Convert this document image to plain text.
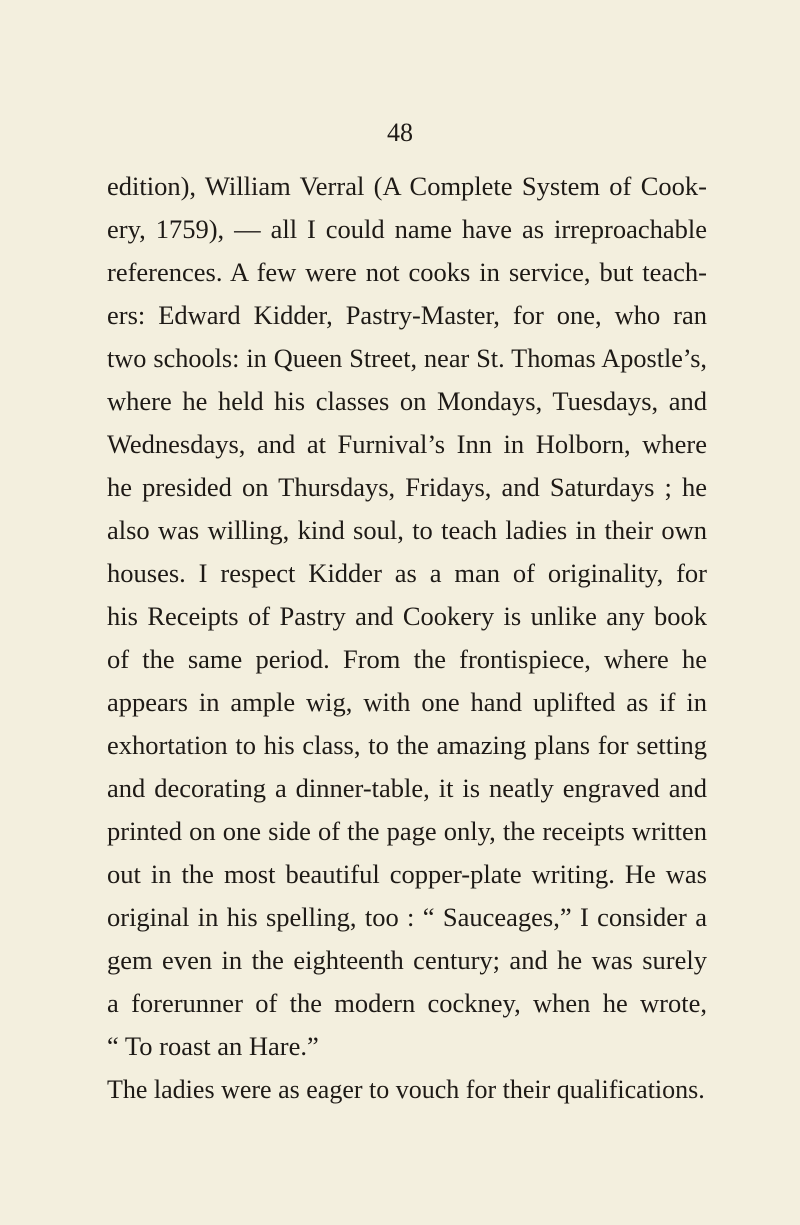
48
edition), William Verral (A Complete System of Cook-
ery, 1759), — all I could name have as irreproachable
references. A few were not cooks in service, but teach-
ers: Edward Kidder, Pastry-Master, for one, who ran
two schools: in Queen Street, near St. Thomas Apostle’s,
where he held his classes on Mondays, Tuesdays, and
Wednesdays, and at Furnival’s Inn in Holborn, where
he presided on Thursdays, Fridays, and Saturdays ; he
also was willing, kind soul, to teach ladies in their own
houses. I respect Kidder as a man of originality, for
his Receipts of Pastry and Cookery is unlike any book
of the same period. From the frontispiece, where he
appears in ample wig, with one hand uplifted as if in
exhortation to his class, to the amazing plans for setting
and decorating a dinner-table, it is neatly engraved and
printed on one side of the page only, the receipts written
out in the most beautiful copper-plate writing. He was
original in his spelling, too : “ Sauceages,” I consider a
gem even in the eighteenth century; and he was surely
a forerunner of the modern cockney, when he wrote,
“ To roast an Hare.”
The ladies were as eager to vouch for their qualifications.
